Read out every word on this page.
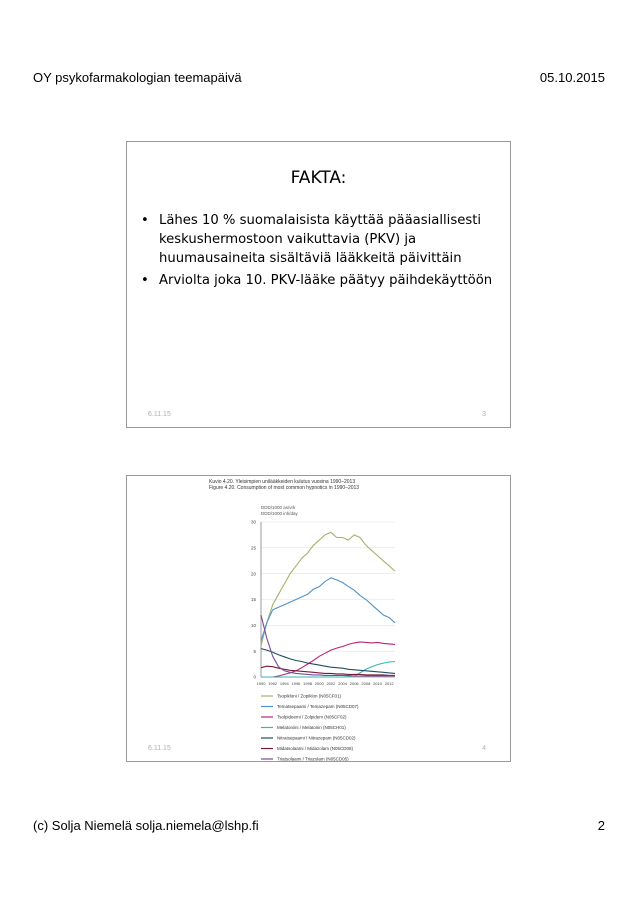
OY psykofarmakologian teemapäivä	05.10.2015
FAKTA:
• Lähes 10 % suomalaisista käyttää pääasiallisesti keskushermostoon vaikuttavia (PKV) ja huumausaineita sisältäviä lääkkeitä päivittäin
• Arviolta joka 10. PKV-lääke päätyy päihdekäyttöön
6.11.15	3
Kuvio 4.20. Yleisimpien unilääkkeiden kulutus vuosina 1990–2013
Figure 4.20. Consumption of most common hypnotics in 1990–2013
DDD/1000 as/vrk
DDD/1000 inh/day
0
5
10
15
20
25
30
1990 1992 1994 1996 1998 2000 2002 2004 2006 2008 2010 2012
Tsopikloni / Zopiklon (N05CF01)
Tematsepaami / Temazepam (N05CD07)
Tsolpideemi / Zolpidem (N05CF02)
Melatoniini / Melatonin (N05CH01)
Nitratsepaami / Nitrazepam (N05CD02)
Midatsolaami / Midazolam (N05CD08)
Triatsolaami / Triazolam (N05CD05)
6.11.15	4
(c) Solja Niemelä solja.niemela@lshp.fi	2
